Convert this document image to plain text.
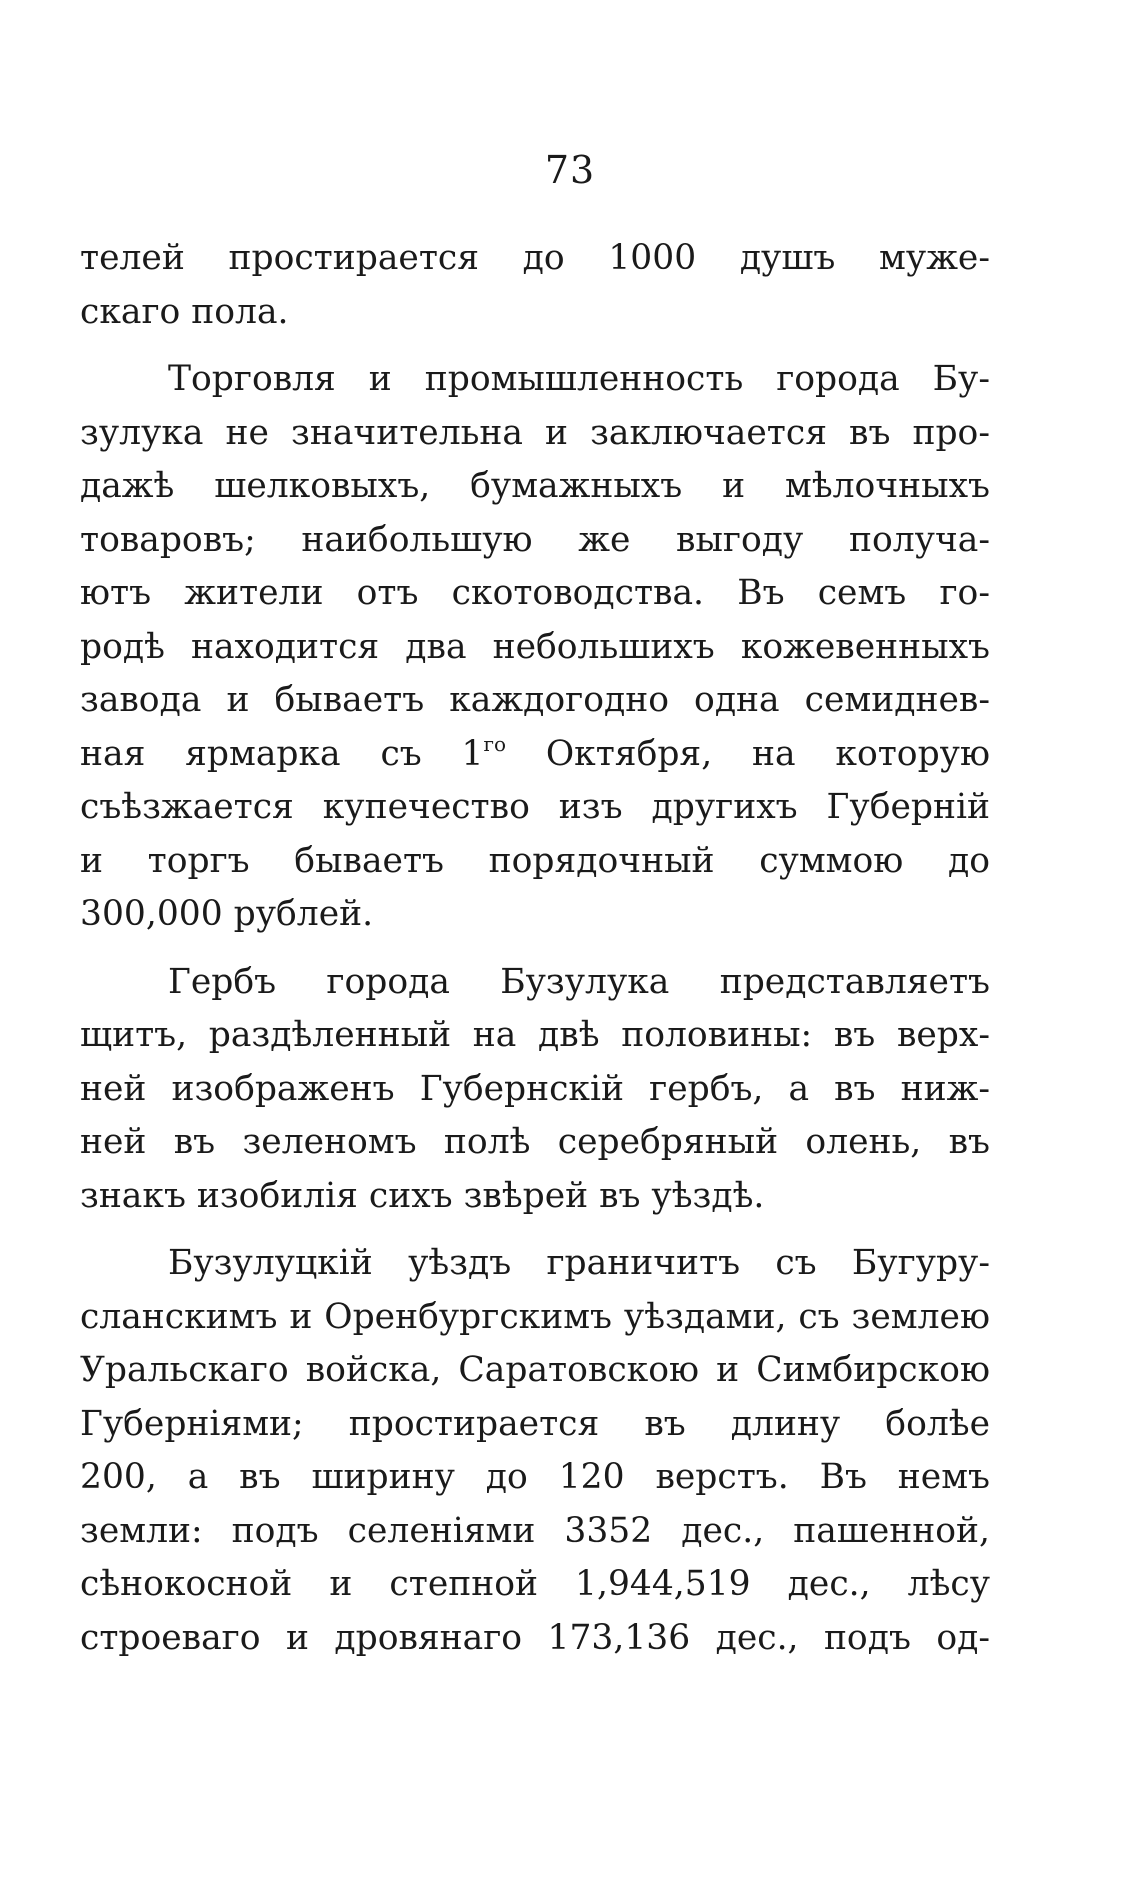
73
тeлей простирается до 1000 душъ муже-
скаго пола.
Торговля и промышленность города Бу-
зулука не значительна и заключается въ про-
дажѣ шелковыхъ, бумажныхъ и мѣлочныхъ
товаровъ; наибольшую же выгоду получа-
ютъ жители отъ скотоводства. Въ семъ го-
родѣ находится два небольшихъ кожевенныхъ
завода и бываетъ каждогодно одна семиднев-
ная ярмарка съ $1^{го}$ Октября, на которую
съѣзжается купечество изъ другихъ Губерній
и торгъ бываетъ порядочный суммою до
300,000 рублей.
Гербъ города Бузулука представляетъ
щитъ, раздѣленный на двѣ половины: въ верх-
ней изображенъ Губернскій гербъ, а въ ниж-
ней въ зеленомъ полѣ серебряный олень, въ
знакъ изобилія сихъ звѣрей въ уѣздѣ.
Бузулуцкій уѣздъ граничитъ съ Бугуру-
сланскимъ и Оренбургскимъ уѣздами, съ землею
Уральскаго войска, Саратовскою и Симбирскою
Губерніями; простирается въ длину болѣе
200, а въ ширину до 120 верстъ. Въ немъ
земли: подъ селеніями 3352 дес., пашенной,
сѣнокосной и степной 1,944,519 дес., лѣсу
строеваго и дровянаго 173,136 дес., подъ од-
